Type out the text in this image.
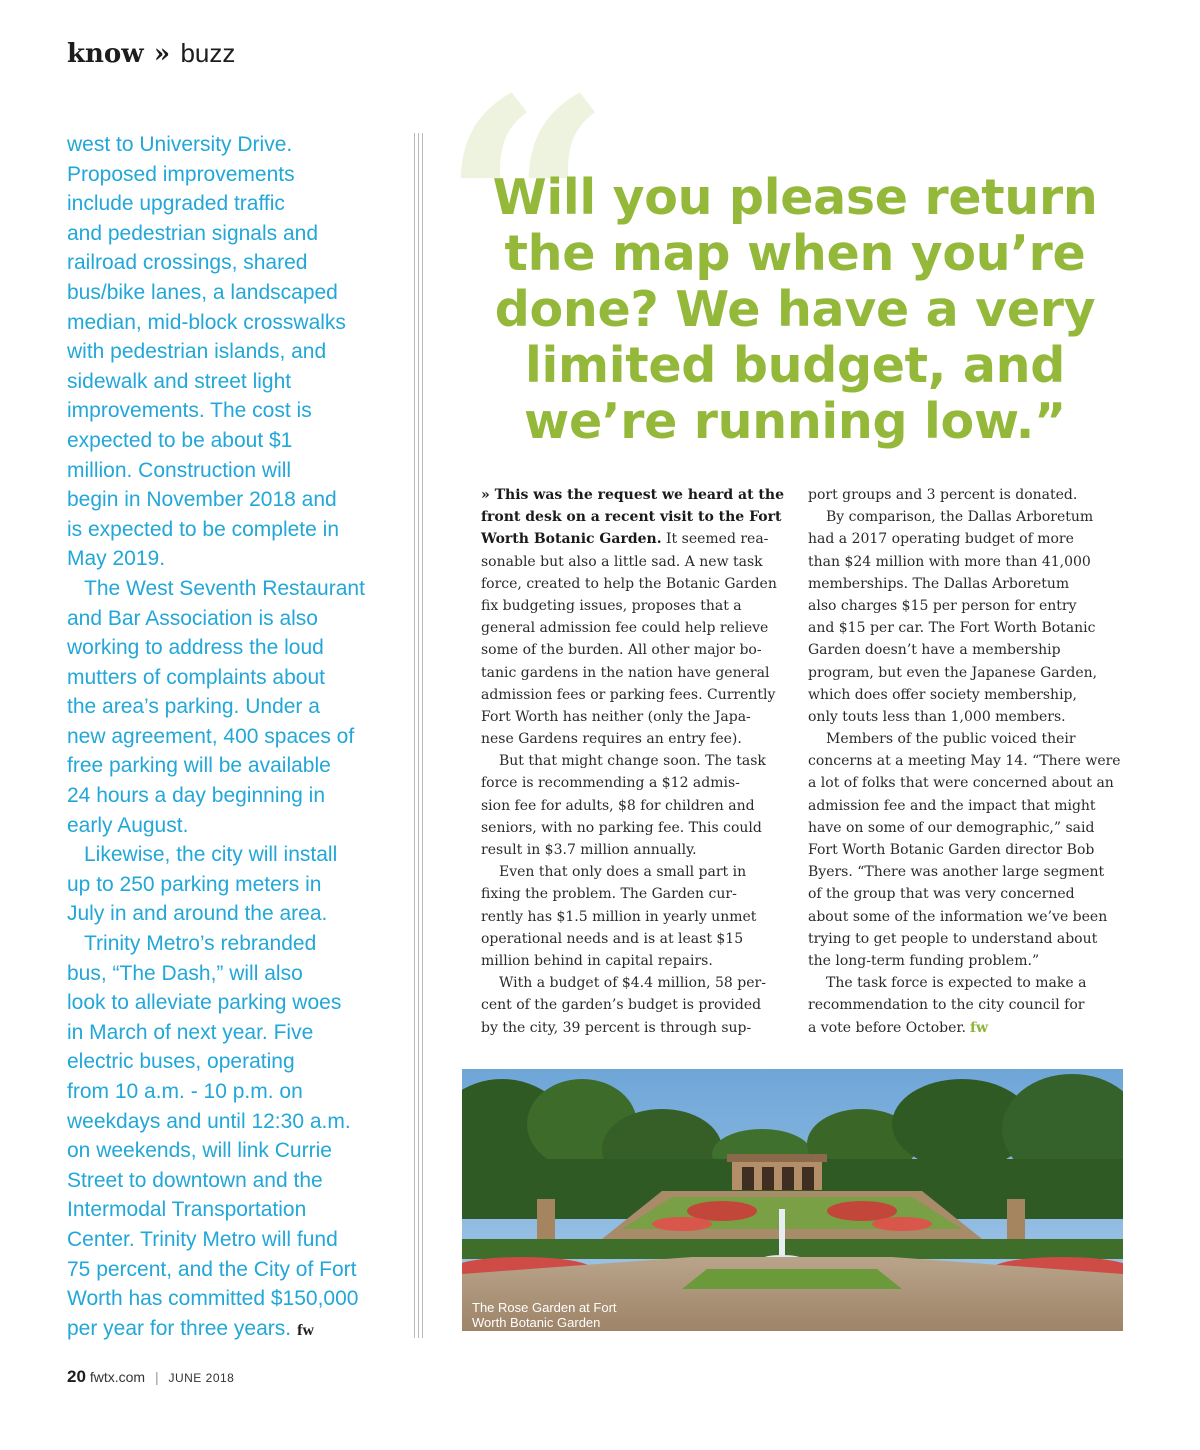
know » buzz
west to University Drive.
Proposed improvements
include upgraded traffic
and pedestrian signals and
railroad crossings, shared
bus/bike lanes, a landscaped
median, mid-block crosswalks
with pedestrian islands, and
sidewalk and street light
improvements. The cost is
expected to be about $1
million. Construction will
begin in November 2018 and
is expected to be complete in
May 2019.
The West Seventh Restaurant
and Bar Association is also
working to address the loud
mutters of complaints about
the area’s parking. Under a
new agreement, 400 spaces of
free parking will be available
24 hours a day beginning in
early August.
Likewise, the city will install
up to 250 parking meters in
July in and around the area.
Trinity Metro’s rebranded
bus, “The Dash,” will also
look to alleviate parking woes
in March of next year. Five
electric buses, operating
from 10 a.m. - 10 p.m. on
weekdays and until 12:30 a.m.
on weekends, will link Currie
Street to downtown and the
Intermodal Transportation
Center. Trinity Metro will fund
75 percent, and the City of Fort
Worth has committed $150,000
per year for three years. fw
“
Will you please return
the map when you’re
done? We have a very
limited budget, and
we’re running low.”
» This was the request we heard at the
front desk on a recent visit to the Fort
Worth Botanic Garden. It seemed rea-
sonable but also a little sad. A new task
force, created to help the Botanic Garden
fix budgeting issues, proposes that a
general admission fee could help relieve
some of the burden. All other major bo-
tanic gardens in the nation have general
admission fees or parking fees. Currently
Fort Worth has neither (only the Japa-
nese Gardens requires an entry fee).
But that might change soon. The task
force is recommending a $12 admis-
sion fee for adults, $8 for children and
seniors, with no parking fee. This could
result in $3.7 million annually.
Even that only does a small part in
fixing the problem. The Garden cur-
rently has $1.5 million in yearly unmet
operational needs and is at least $15
million behind in capital repairs.
With a budget of $4.4 million, 58 per-
cent of the garden’s budget is provided
by the city, 39 percent is through sup-
port groups and 3 percent is donated.
By comparison, the Dallas Arboretum
had a 2017 operating budget of more
than $24 million with more than 41,000
memberships. The Dallas Arboretum
also charges $15 per person for entry
and $15 per car. The Fort Worth Botanic
Garden doesn’t have a membership
program, but even the Japanese Garden,
which does offer society membership,
only touts less than 1,000 members.
Members of the public voiced their
concerns at a meeting May 14. “There were
a lot of folks that were concerned about an
admission fee and the impact that might
have on some of our demographic,” said
Fort Worth Botanic Garden director Bob
Byers. “There was another large segment
of the group that was very concerned
about some of the information we’ve been
trying to get people to understand about
the long-term funding problem.”
The task force is expected to make a
recommendation to the city council for
a vote before October. fw
The Rose Garden at Fort
Worth Botanic Garden
20 fwtx.com | JUNE 2018
